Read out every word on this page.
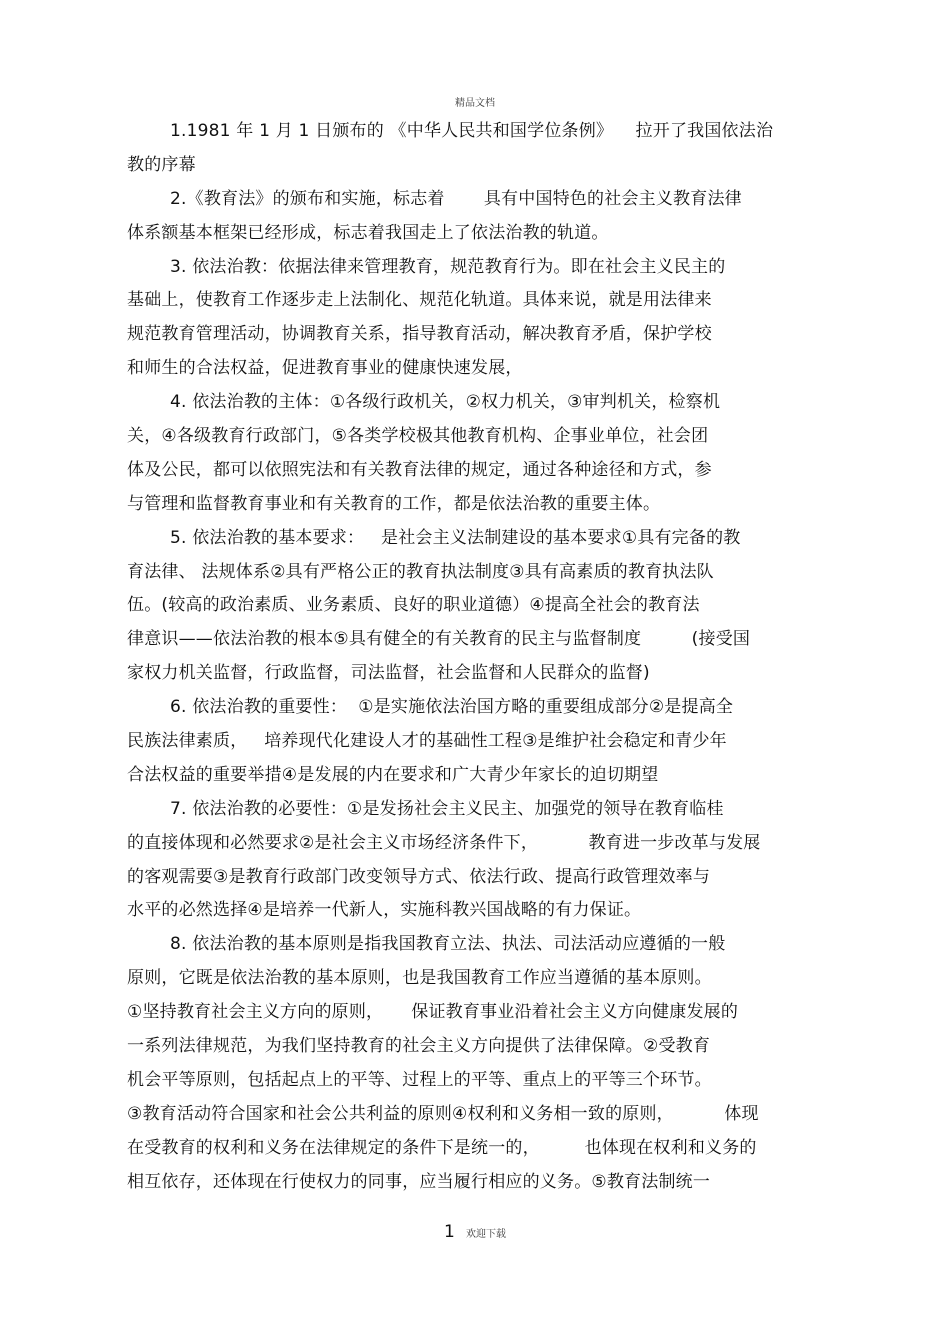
精品文档
1.1981 年 1 月 1 日颁布的 《中华人民共和国学位条例》    拉开了我国依法治
教的序幕
2.《教育法》的颁布和实施，标志着       具有中国特色的社会主义教育法律
体系额基本框架已经形成，标志着我国走上了依法治教的轨道。
3. 依法治教：依据法律来管理教育，规范教育行为。即在社会主义民主的
基础上，使教育工作逐步走上法制化、规范化轨道。具体来说，就是用法律来
规范教育管理活动，协调教育关系，指导教育活动，解决教育矛盾，保护学校
和师生的合法权益，促进教育事业的健康快速发展，
4. 依法治教的主体：①各级行政机关，②权力机关，③审判机关，检察机
关，④各级教育行政部门，⑤各类学校极其他教育机构、企事业单位，社会团
体及公民，都可以依照宪法和有关教育法律的规定，通过各种途径和方式，参
与管理和监督教育事业和有关教育的工作，都是依法治教的重要主体。
5. 依法治教的基本要求：   是社会主义法制建设的基本要求①具有完备的教
育法律、 法规体系②具有严格公正的教育执法制度③具有高素质的教育执法队
伍。(较高的政治素质、业务素质、良好的职业道德）④提高全社会的教育法
律意识——依法治教的根本⑤具有健全的有关教育的民主与监督制度         (接受国
家权力机关监督，行政监督，司法监督，社会监督和人民群众的监督)
6. 依法治教的重要性：  ①是实施依法治国方略的重要组成部分②是提高全
民族法律素质，   培养现代化建设人才的基础性工程③是维护社会稳定和青少年
合法权益的重要举措④是发展的内在要求和广大青少年家长的迫切期望
7. 依法治教的必要性：①是发扬社会主义民主、加强党的领导在教育临桂
的直接体现和必然要求②是社会主义市场经济条件下，         教育进一步改革与发展
的客观需要③是教育行政部门改变领导方式、依法行政、提高行政管理效率与
水平的必然选择④是培养一代新人，实施科教兴国战略的有力保证。
8. 依法治教的基本原则是指我国教育立法、执法、司法活动应遵循的一般
原则，它既是依法治教的基本原则，也是我国教育工作应当遵循的基本原则。
①坚持教育社会主义方向的原则，     保证教育事业沿着社会主义方向健康发展的
一系列法律规范，为我们坚持教育的社会主义方向提供了法律保障。②受教育
机会平等原则，包括起点上的平等、过程上的平等、重点上的平等三个环节。
③教育活动符合国家和社会公共利益的原则④权利和义务相一致的原则，         体现
在受教育的权利和义务在法律规定的条件下是统一的，        也体现在权利和义务的
相互依存，还体现在行使权力的同事，应当履行相应的义务。⑤教育法制统一
1 欢迎下载
